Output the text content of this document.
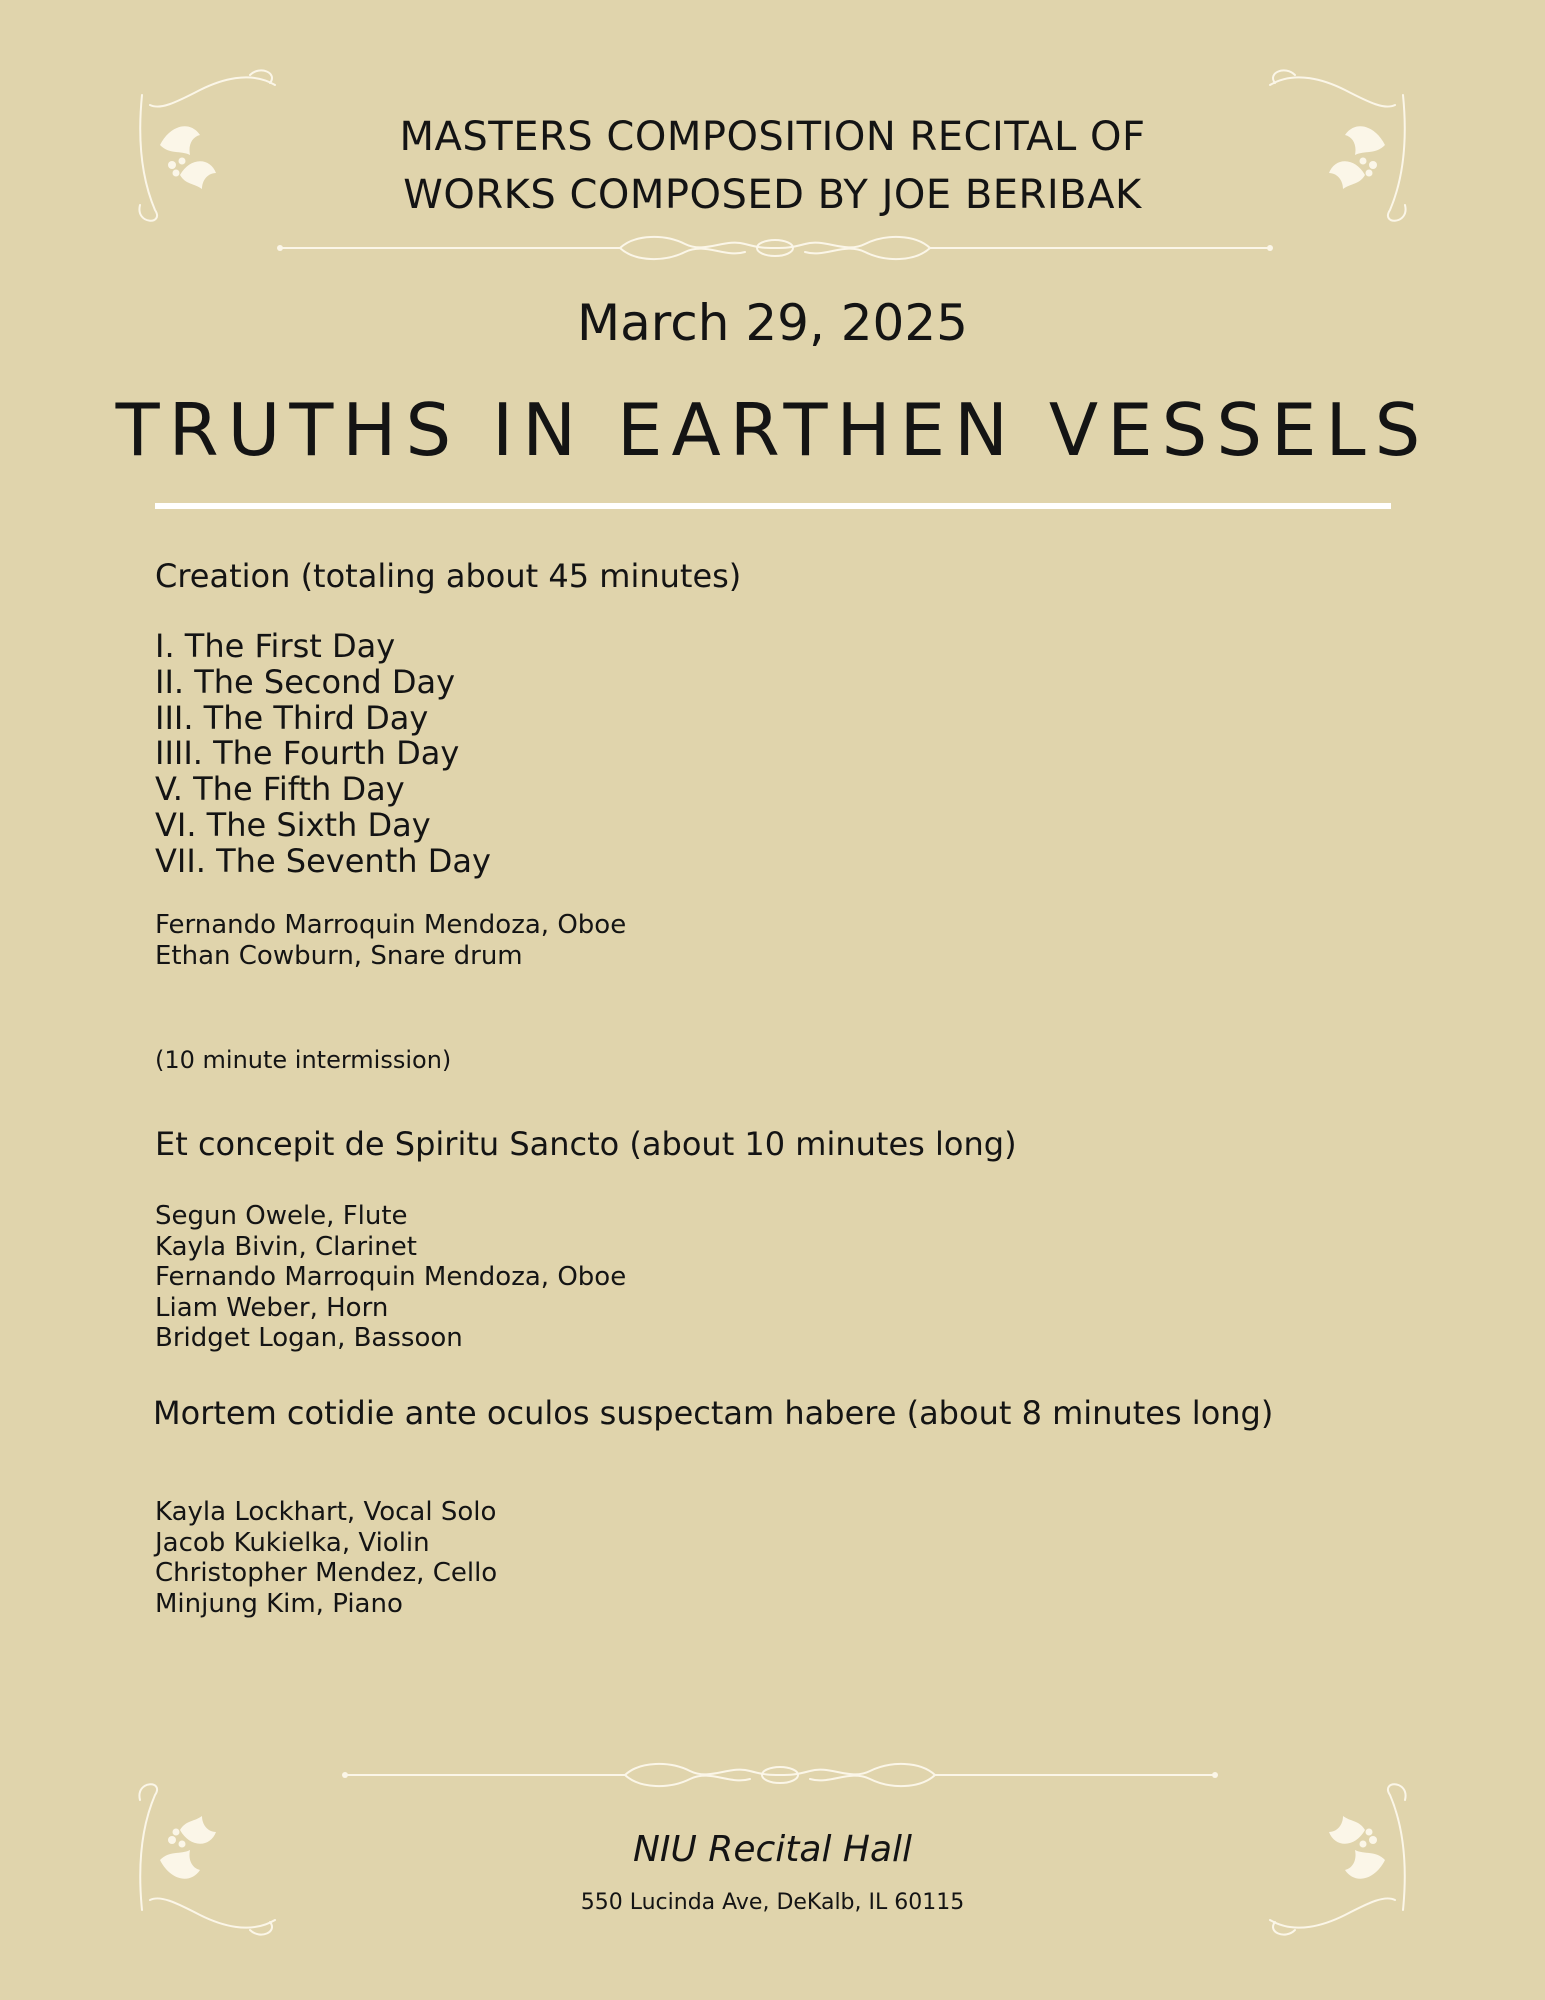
MASTERS COMPOSITION RECITAL OF
WORKS COMPOSED BY JOE BERIBAK
March 29, 2025
TRUTHS IN EARTHEN VESSELS
Creation (totaling about 45 minutes)
I. The First Day
II. The Second Day
III. The Third Day
IIII. The Fourth Day
V. The Fifth Day
VI. The Sixth Day
VII. The Seventh Day
Fernando Marroquin Mendoza, Oboe
Ethan Cowburn, Snare drum
(10 minute intermission)
Et concepit de Spiritu Sancto (about 10 minutes long)
Segun Owele, Flute
Kayla Bivin, Clarinet
Fernando Marroquin Mendoza, Oboe
Liam Weber, Horn
Bridget Logan, Bassoon
Mortem cotidie ante oculos suspectam habere (about 8 minutes long)
Kayla Lockhart, Vocal Solo
Jacob Kukielka, Violin
Christopher Mendez, Cello
Minjung Kim, Piano
NIU Recital Hall
550 Lucinda Ave, DeKalb, IL 60115
